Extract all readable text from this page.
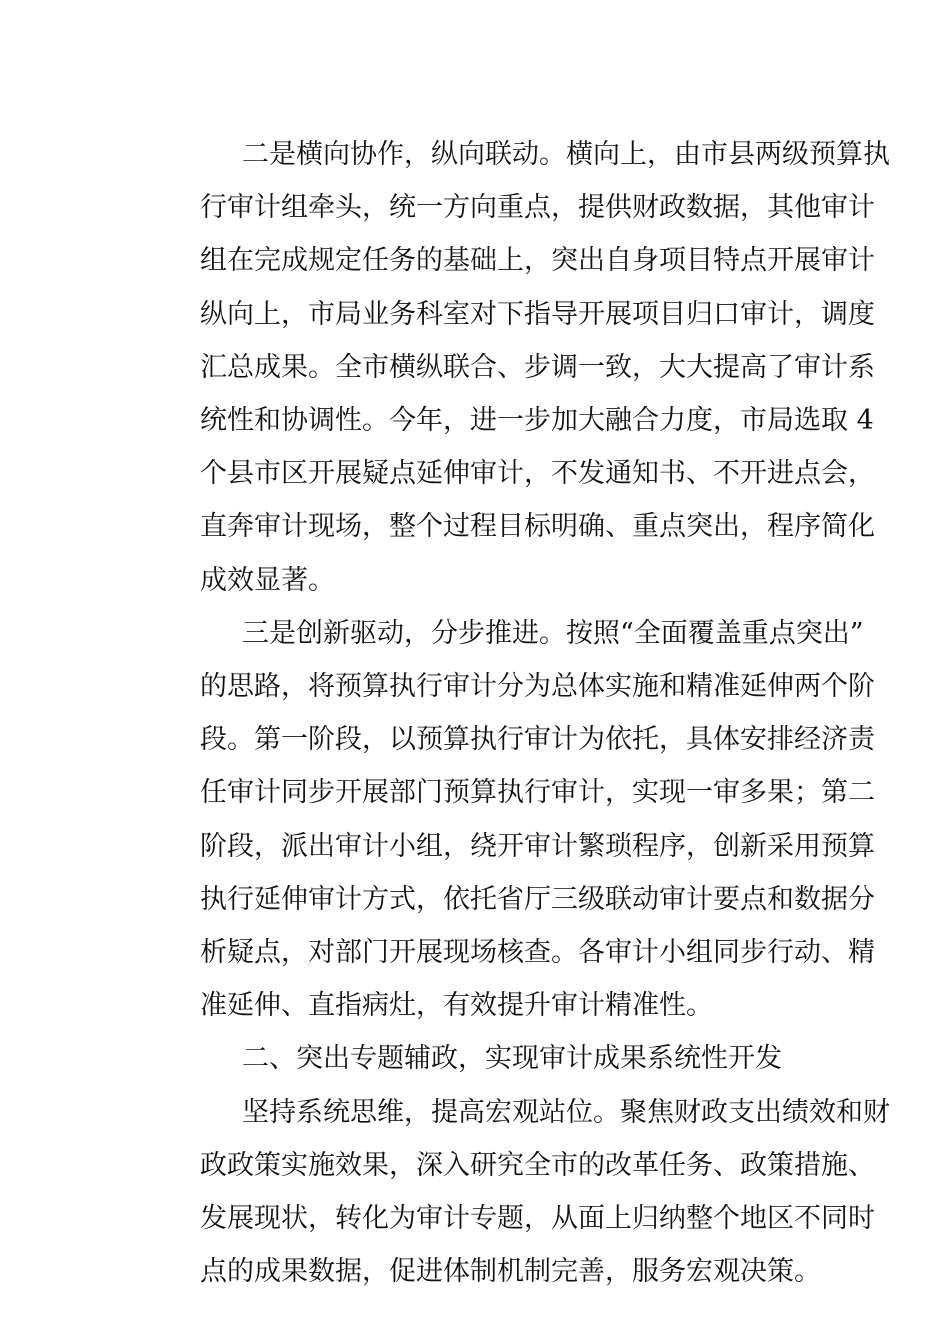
二是横向协作，纵向联动。横向上，由市县两级预算执
行审计组牵头，统一方向重点，提供财政数据，其他审计
组在完成规定任务的基础上，突出自身项目特点开展审计
纵向上，市局业务科室对下指导开展项目归口审计，调度
汇总成果。全市横纵联合、步调一致，大大提高了审计系
统性和协调性。今年，进一步加大融合力度，市局选取 4
个县市区开展疑点延伸审计，不发通知书、不开进点会，
直奔审计现场，整个过程目标明确、重点突出，程序简化
成效显著。
三是创新驱动，分步推进。按照“全面覆盖重点突出”
的思路，将预算执行审计分为总体实施和精准延伸两个阶
段。第一阶段，以预算执行审计为依托，具体安排经济责
任审计同步开展部门预算执行审计，实现一审多果；第二
阶段，派出审计小组，绕开审计繁琐程序，创新采用预算
执行延伸审计方式，依托省厅三级联动审计要点和数据分
析疑点，对部门开展现场核查。各审计小组同步行动、精
准延伸、直指病灶，有效提升审计精准性。
二、突出专题辅政，实现审计成果系统性开发
坚持系统思维，提高宏观站位。聚焦财政支出绩效和财
政政策实施效果，深入研究全市的改革任务、政策措施、
发展现状，转化为审计专题，从面上归纳整个地区不同时
点的成果数据，促进体制机制完善，服务宏观决策。
